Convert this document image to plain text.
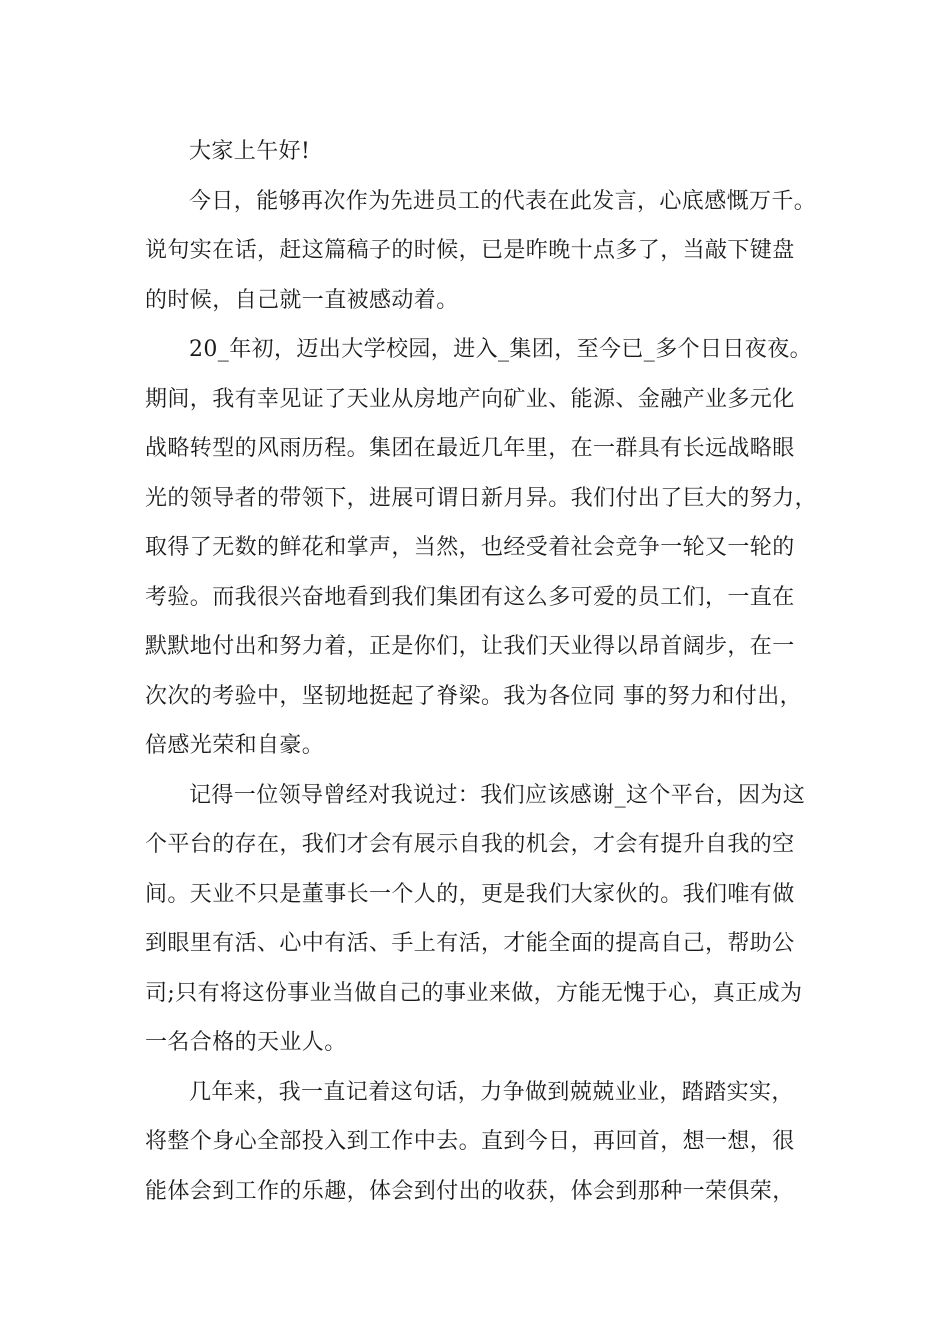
大家上午好!
今日，能够再次作为先进员工的代表在此发言，心底感慨万千。
说句实在话，赶这篇稿子的时候，已是昨晚十点多了，当敲下键盘
的时候，自己就一直被感动着。
20_年初，迈出大学校园，进入_集团，至今已_多个日日夜夜。
期间，我有幸见证了天业从房地产向矿业、能源、金融产业多元化
战略转型的风雨历程。集团在最近几年里，在一群具有长远战略眼
光的领导者的带领下，进展可谓日新月异。我们付出了巨大的努力，
取得了无数的鲜花和掌声，当然，也经受着社会竞争一轮又一轮的
考验。而我很兴奋地看到我们集团有这么多可爱的员工们，一直在
默默地付出和努力着，正是你们，让我们天业得以昂首阔步，在一
次次的考验中，坚韧地挺起了脊梁。我为各位同 事的努力和付出，
倍感光荣和自豪。
记得一位领导曾经对我说过：我们应该感谢_这个平台，因为这
个平台的存在，我们才会有展示自我的机会，才会有提升自我的空
间。天业不只是董事长一个人的，更是我们大家伙的。我们唯有做
到眼里有活、心中有活、手上有活，才能全面的提高自己，帮助公
司;只有将这份事业当做自己的事业来做，方能无愧于心，真正成为
一名合格的天业人。
几年来，我一直记着这句话，力争做到兢兢业业，踏踏实实，
将整个身心全部投入到工作中去。直到今日，再回首，想一想，很
能体会到工作的乐趣，体会到付出的收获，体会到那种一荣俱荣，
